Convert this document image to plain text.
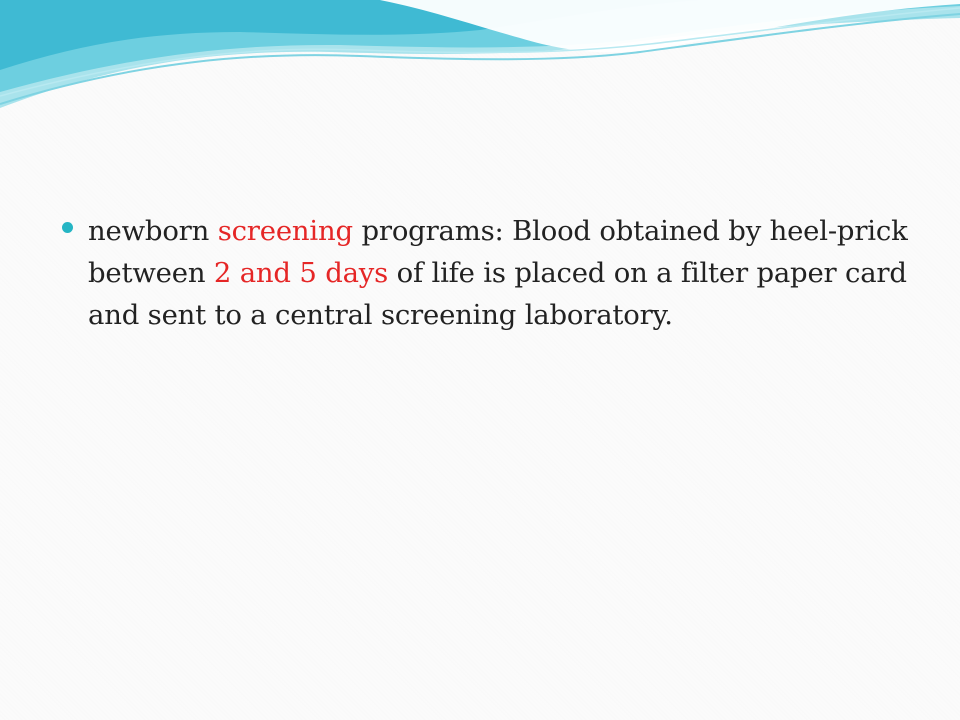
newborn screening programs: Blood obtained by heel-prick between 2 and 5 days of life is placed on a filter paper card and sent to a central screening laboratory.
